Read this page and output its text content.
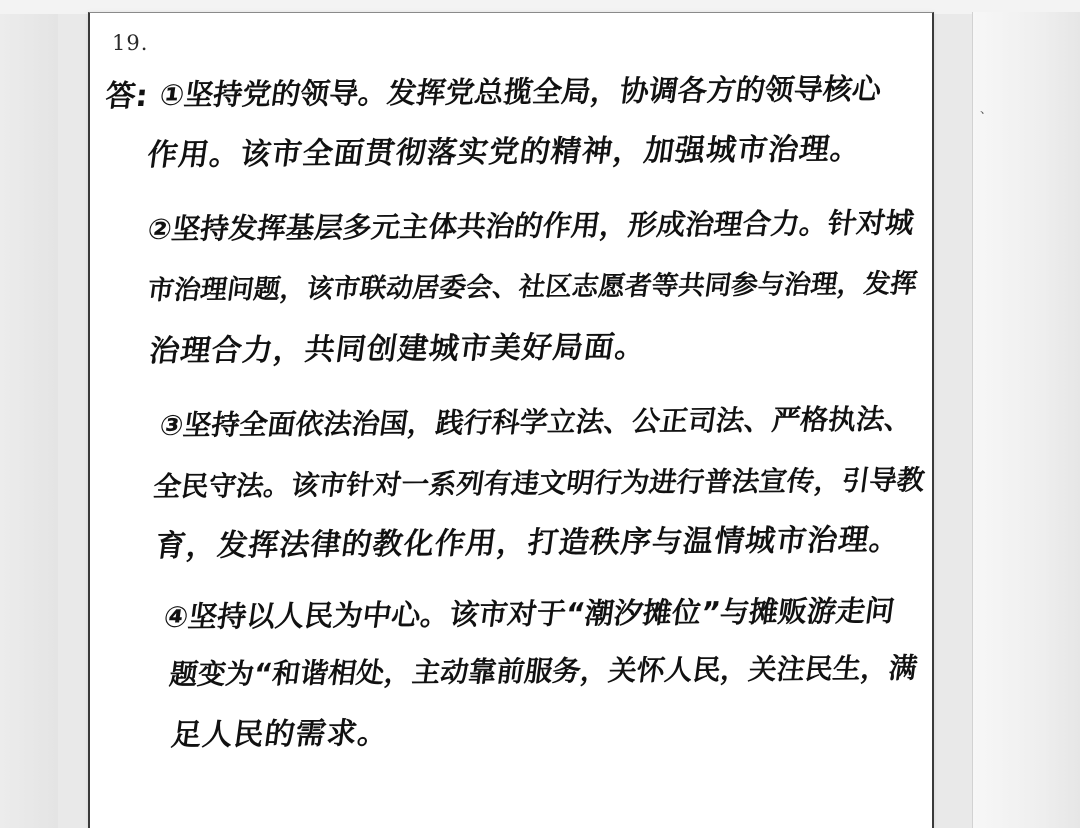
、
19.
答: ①坚持党的领导。发挥党总揽全局，协调各方的领导核心
作用。该市全面贯彻落实党的精神，加强城市治理。
②坚持发挥基层多元主体共治的作用，形成治理合力。针对城
市治理问题，该市联动居委会、社区志愿者等共同参与治理，发挥
治理合力，共同创建城市美好局面。
③坚持全面依法治国，践行科学立法、公正司法、严格执法、
全民守法。该市针对一系列有违文明行为进行普法宣传，引导教
育，发挥法律的教化作用，打造秩序与温情城市治理。
④坚持以人民为中心。该市对于“潮汐摊位”与摊贩游走问
题变为“和谐相处，主动靠前服务，关怀人民，关注民生，满
足人民的需求。
